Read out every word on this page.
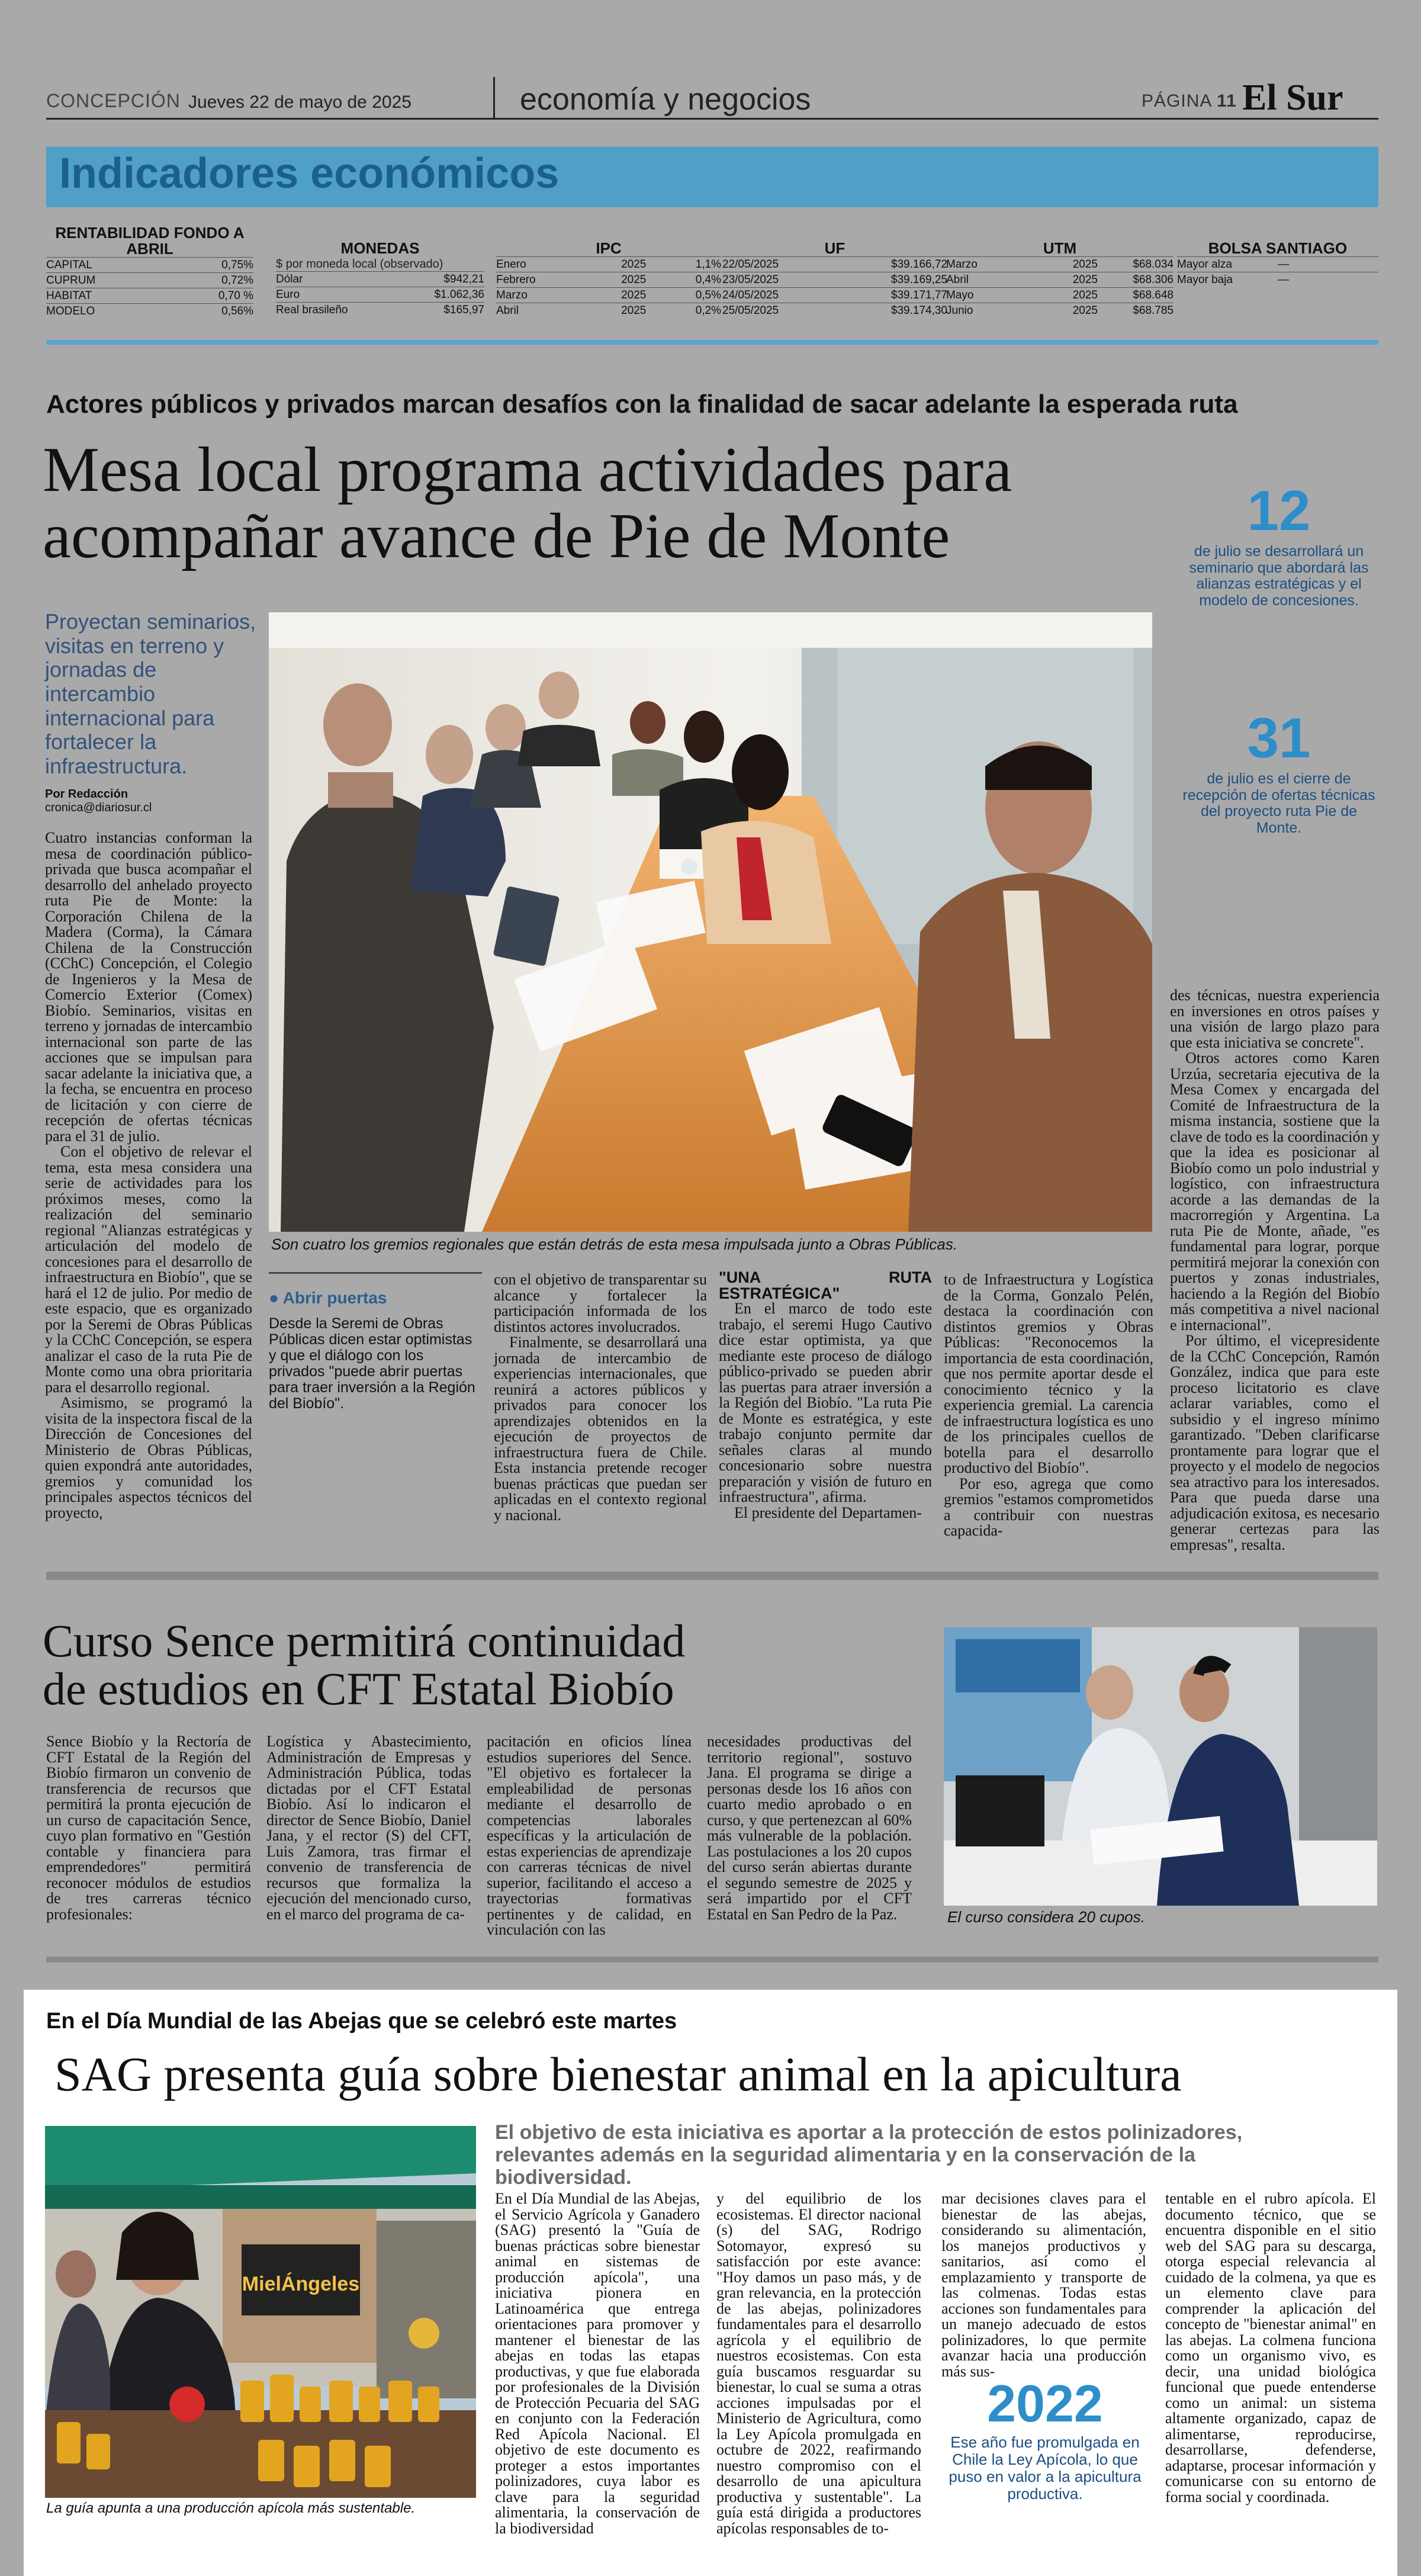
CONCEPCIÓN Jueves 22 de mayo de 2025	economía y negocios	PÁGINA 11 El Sur
Indicadores económicos
RENTABILIDAD FONDO A ABRIL
CAPITAL	0,75%
CUPRUM	0,72%
HABITAT	0,70 %
MODELO	0,56%
MONEDAS
$ por moneda local (observado)
Dólar	$942,21
Euro	$1.062,36
Real brasileño	$165,97
IPC
Enero	2025	1,1%
Febrero	2025	0,4%
Marzo	2025	0,5%
Abril	2025	0,2%
UF
22/05/2025	$39.166,72
23/05/2025	$39.169,25
24/05/2025	$39.171,77
25/05/2025	$39.174,30
UTM
Marzo	2025	$68.034
Abril	2025	$68.306
Mayo	2025	$68.648
Junio	2025	$68.785
BOLSA SANTIAGO
Mayor alza	—
Mayor baja	—
Actores públicos y privados marcan desafíos con la finalidad de sacar adelante la esperada ruta
Mesa local programa actividades para
acompañar avance de Pie de Monte	12
de julio se desarrollará un seminario que abordará las alianzas estratégicas y el modelo de concesiones.
31
de julio es el cierre de recepción de ofertas técnicas del proyecto ruta Pie de Monte.
Proyectan seminarios, visitas en terreno y jornadas de intercambio internacional para fortalecer la infraestructura.
Por Redacción
cronica@diariosur.cl

Cuatro instancias conforman la mesa de coordinación público-privada que busca acompañar el desarrollo del anhelado proyecto ruta Pie de Monte: la Corporación Chilena de la Madera (Corma), la Cámara Chilena de la Construcción (CChC) Concepción, el Colegio de Ingenieros y la Mesa de Comercio Exterior (Comex) Biobío. Seminarios, visitas en terreno y jornadas de intercambio internacional son parte de las acciones que se impulsan para sacar adelante la iniciativa que, a la fecha, se encuentra en proceso de licitación y con cierre de recepción de ofertas técnicas para el 31 de julio.

Con el objetivo de relevar el tema, esta mesa considera una serie de actividades para los próximos meses, como la realización del seminario regional "Alianzas estratégicas y articulación del modelo de concesiones para el desarrollo de infraestructura en Biobío", que se hará el 12 de julio. Por medio de este espacio, que es organizado por la Seremi de Obras Públicas y la CChC Concepción, se espera analizar el caso de la ruta Pie de Monte como una obra prioritaria para el desarrollo regional.

Asimismo, se programó la visita de la inspectora fiscal de la Dirección de Concesiones del Ministerio de Obras Públicas, quien expondrá ante autoridades, gremios y comunidad los principales aspectos técnicos del proyecto,

Son cuatro los gremios regionales que están detrás de esta mesa impulsada junto a Obras Públicas.
● Abrir puertas
Desde la Seremi de Obras Públicas dicen estar optimistas y que el diálogo con los privados "puede abrir puertas para traer inversión a la Región del Biobío".

con el objetivo de transparentar su alcance y fortalecer la participación informada de los distintos actores involucrados.

Finalmente, se desarrollará una jornada de intercambio de experiencias internacionales, que reunirá a actores públicos y privados para conocer los aprendizajes obtenidos en la ejecución de proyectos de infraestructura fuera de Chile. Esta instancia pretende recoger buenas prácticas que puedan ser aplicadas en el contexto regional y nacional.

"UNA RUTA ESTRATÉGICA"

En el marco de todo este trabajo, el seremi Hugo Cautivo dice estar optimista, ya que mediante este proceso de diálogo público-privado se pueden abrir las puertas para atraer inversión a la Región del Biobío. "La ruta Pie de Monte es estratégica, y este trabajo conjunto permite dar señales claras al mundo concesionario sobre nuestra preparación y visión de futuro en infraestructura", afirma.

El presidente del Departamen-

to de Infraestructura y Logística de la Corma, Gonzalo Pelén, destaca la coordinación con distintos gremios y Obras Públicas: "Reconocemos la importancia de esta coordinación, que nos permite aportar desde el conocimiento técnico y la experiencia gremial. La carencia de infraestructura logística es uno de los principales cuellos de botella para el desarrollo productivo del Biobío".

Por eso, agrega que como gremios "estamos comprometidos a contribuir con nuestras capacida-

des técnicas, nuestra experiencia en inversiones en otros países y una visión de largo plazo para que esta iniciativa se concrete".

Otros actores como Karen Urzúa, secretaria ejecutiva de la Mesa Comex y encargada del Comité de Infraestructura de la misma instancia, sostiene que la clave de todo es la coordinación y que la idea es posicionar al Biobío como un polo industrial y logístico, con infraestructura acorde a las demandas de la macrorregión y Argentina. La ruta Pie de Monte, añade, "es fundamental para lograr, porque permitirá mejorar la conexión con puertos y zonas industriales, haciendo a la Región del Biobío más competitiva a nivel nacional e internacional".

Por último, el vicepresidente de la CChC Concepción, Ramón González, indica que para este proceso licitatorio es clave aclarar variables, como el subsidio y el ingreso mínimo garantizado. "Deben clarificarse prontamente para lograr que el proyecto y el modelo de negocios sea atractivo para los interesados. Para que pueda darse una adjudicación exitosa, es necesario generar certezas para las empresas", resalta.

Curso Sence permitirá continuidad
de estudios en CFT Estatal Biobío
Sence Biobío y la Rectoría de CFT Estatal de la Región del Biobío firmaron un convenio de transferencia de recursos que permitirá la pronta ejecución de un curso de capacitación Sence, cuyo plan formativo en "Gestión contable y financiera para emprendedores" permitirá reconocer módulos de estudios de tres carreras técnico profesionales:
Logística y Abastecimiento, Administración de Empresas y Administración Pública, todas dictadas por el CFT Estatal Biobío. Así lo indicaron el director de Sence Biobío, Daniel Jana, y el rector (S) del CFT, Luis Zamora, tras firmar el convenio de transferencia de recursos que formaliza la ejecución del mencionado curso, en el marco del programa de ca-
pacitación en oficios línea estudios superiores del Sence. "El objetivo es fortalecer la empleabilidad de personas mediante el desarrollo de competencias laborales específicas y la articulación de estas experiencias de aprendizaje con carreras técnicas de nivel superior, facilitando el acceso a trayectorias formativas pertinentes y de calidad, en vinculación con las
necesidades productivas del territorio regional", sostuvo Jana. El programa se dirige a personas desde los 16 años con cuarto medio aprobado o en curso, y que pertenezcan al 60% más vulnerable de la población. Las postulaciones a los 20 cupos del curso serán abiertas durante el segundo semestre de 2025 y será impartido por el CFT Estatal en San Pedro de la Paz.	El curso considera 20 cupos.
En el Día Mundial de las Abejas que se celebró este martes
SAG presenta guía sobre bienestar animal en la apicultura
El objetivo de esta iniciativa es aportar a la protección de estos polinizadores, relevantes además en la seguridad alimentaria y en la conservación de la biodiversidad.
MielÁngeles
La guía apunta a una producción apícola más sustentable.
En el Día Mundial de las Abejas, el Servicio Agrícola y Ganadero (SAG) presentó la "Guía de buenas prácticas sobre bienestar animal en sistemas de producción apícola", una iniciativa pionera en Latinoamérica que entrega orientaciones para promover y mantener el bienestar de las abejas en todas las etapas productivas, y que fue elaborada por profesionales de la División de Protección Pecuaria del SAG en conjunto con la Federación Red Apícola Nacional. El objetivo de este documento es proteger a estos importantes polinizadores, cuya labor es clave para la seguridad alimentaria, la conservación de la biodiversidad
y del equilibrio de los ecosistemas. El director nacional (s) del SAG, Rodrigo Sotomayor, expresó su satisfacción por este avance: "Hoy damos un paso más, y de gran relevancia, en la protección de las abejas, polinizadores fundamentales para el desarrollo agrícola y el equilibrio de nuestros ecosistemas. Con esta guía buscamos resguardar su bienestar, lo cual se suma a otras acciones impulsadas por el Ministerio de Agricultura, como la Ley Apícola promulgada en octubre de 2022, reafirmando nuestro compromiso con el desarrollo de una apicultura productiva y sustentable". La guía está dirigida a productores apícolas responsables de to-
mar decisiones claves para el bienestar de las abejas, considerando su alimentación, los manejos productivos y sanitarios, así como el emplazamiento y transporte de las colmenas. Todas estas acciones son fundamentales para un manejo adecuado de estos polinizadores, lo que permite avanzar hacia una producción más sus-
2022
Ese año fue promulgada en Chile la Ley Apícola, lo que puso en valor a la apicultura productiva.
tentable en el rubro apícola. El documento técnico, que se encuentra disponible en el sitio web del SAG para su descarga, otorga especial relevancia al cuidado de la colmena, ya que es un elemento clave para comprender la aplicación del concepto de "bienestar animal" en las abejas. La colmena funciona como un organismo vivo, es decir, una unidad biológica funcional que puede entenderse como un animal: un sistema altamente organizado, capaz de alimentarse, reproducirse, desarrollarse, defenderse, adaptarse, procesar información y comunicarse con su entorno de forma social y coordinada.
